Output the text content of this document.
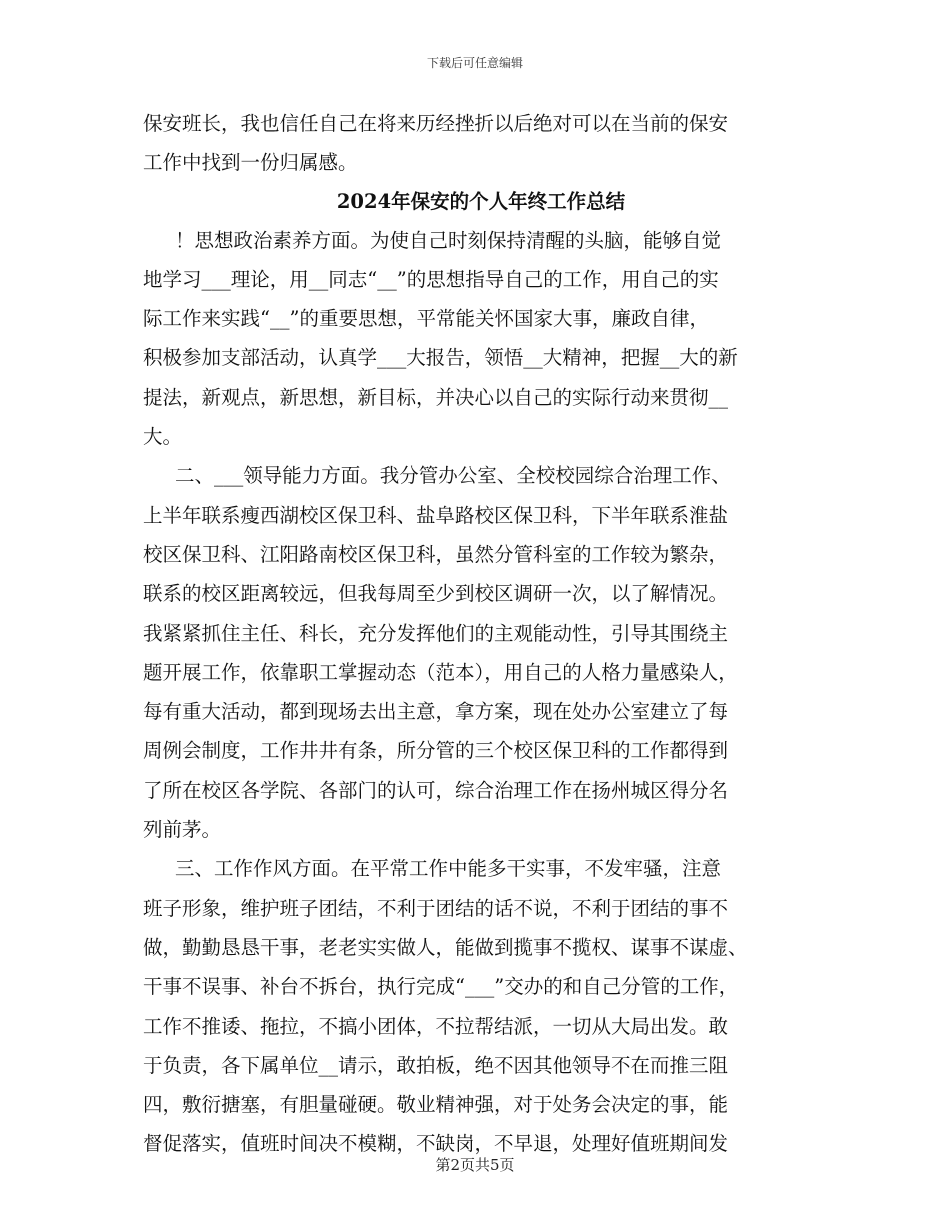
下载后可任意编辑
保安班长，我也信任自己在将来历经挫折以后绝对可以在当前的保安
工作中找到一份归属感。
2024年保安的个人年终工作总结
！思想政治素养方面。为使自己时刻保持清醒的头脑，能够自觉
地学习___理论，用__同志“__”的思想指导自己的工作，用自己的实
际工作来实践“__”的重要思想，平常能关怀国家大事，廉政自律，
积极参加支部活动，认真学___大报告，领悟__大精神，把握__大的新
提法，新观点，新思想，新目标，并决心以自己的实际行动来贯彻__
大。
二、___领导能力方面。我分管办公室、全校校园综合治理工作、
上半年联系瘦西湖校区保卫科、盐阜路校区保卫科，下半年联系淮盐
校区保卫科、江阳路南校区保卫科，虽然分管科室的工作较为繁杂，
联系的校区距离较远，但我每周至少到校区调研一次，以了解情况。
我紧紧抓住主任、科长，充分发挥他们的主观能动性，引导其围绕主
题开展工作，依靠职工掌握动态（范本），用自己的人格力量感染人，
每有重大活动，都到现场去出主意，拿方案，现在处办公室建立了每
周例会制度，工作井井有条，所分管的三个校区保卫科的工作都得到
了所在校区各学院、各部门的认可，综合治理工作在扬州城区得分名
列前茅。
三、工作作风方面。在平常工作中能多干实事，不发牢骚，注意
班子形象，维护班子团结，不利于团结的话不说，不利于团结的事不
做，勤勤恳恳干事，老老实实做人，能做到揽事不揽权、谋事不谋虚、
干事不误事、补台不拆台，执行完成“___”交办的和自己分管的工作，
工作不推诿、拖拉，不搞小团体，不拉帮结派，一切从大局出发。敢
于负责，各下属单位__请示，敢拍板，绝不因其他领导不在而推三阻
四，敷衍搪塞，有胆量碰硬。敬业精神强，对于处务会决定的事，能
督促落实，值班时间决不模糊，不缺岗，不早退，处理好值班期间发
第2页共5页
